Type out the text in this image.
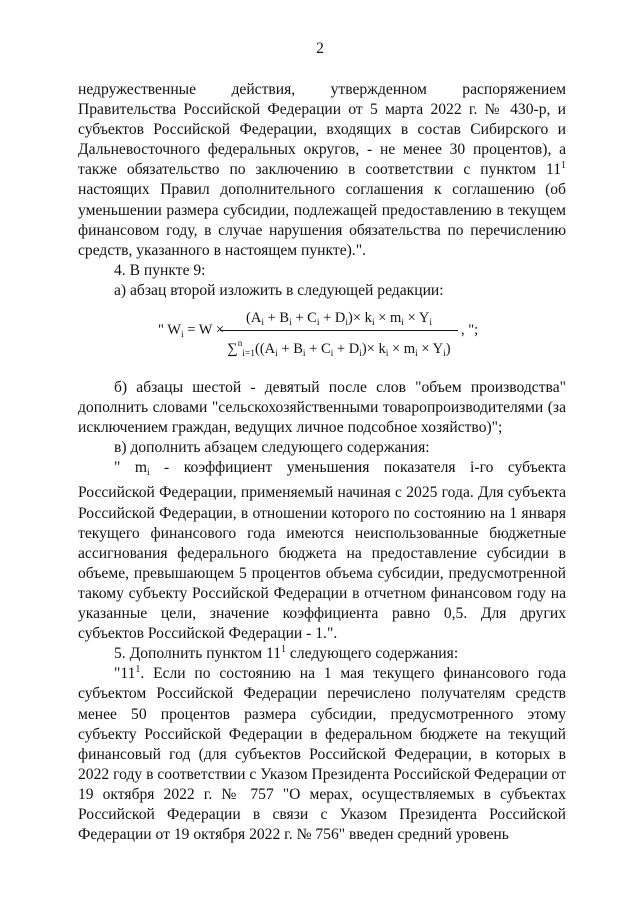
2

недружественные действия, утвержденном распоряжением Правительства Российской Федерации от 5 марта 2022 г. № 430-р, и субъектов Российской Федерации, входящих в состав Сибирского и Дальневосточного федеральных округов, - не менее 30 процентов), а также обязательство по заключению в соответствии с пунктом $11^1$ настоящих Правил дополнительного соглашения к соглашению (об уменьшении размера субсидии, подлежащей предоставлению в текущем финансовом году, в случае нарушения обязательства по перечислению средств, указанного в настоящем пункте).".

4. В пункте 9:

а) абзац второй изложить в следующей редакции:

" $W_i = W$ ×
$(A_i + B_i + C_i + D_i)\times k_i \times m_i \times Y_i$
$\sum^n_{i=1}((A_i + B_i + C_i + D_i)\times k_i \times m_i \times Y_i)$
, ";

б) абзацы шестой - девятый после слов "объем производства" дополнить словами "сельскохозяйственными товаропроизводителями (за исключением граждан, ведущих личное подсобное хозяйство)";

в) дополнить абзацем следующего содержания:

" $m_i$ - коэффициент уменьшения показателя i-го субъекта Российской Федерации, применяемый начиная с 2025 года. Для субъекта Российской Федерации, в отношении которого по состоянию на 1 января текущего финансового года имеются неиспользованные бюджетные ассигнования федерального бюджета на предоставление субсидии в объеме, превышающем 5 процентов объема субсидии, предусмотренной такому субъекту Российской Федерации в отчетном финансовом году на указанные цели, значение коэффициента равно 0,5. Для других субъектов Российской Федерации - 1.".

5. Дополнить пунктом $11^1$ следующего содержания:

"$11^1$. Если по состоянию на 1 мая текущего финансового года субъектом Российской Федерации перечислено получателям средств менее 50 процентов размера субсидии, предусмотренного этому субъекту Российской Федерации в федеральном бюджете на текущий финансовый год (для субъектов Российской Федерации, в которых в 2022 году в соответствии с Указом Президента Российской Федерации от 19 октября 2022 г. № 757 "О мерах, осуществляемых в субъектах Российской Федерации в связи с Указом Президента Российской Федерации от 19 октября 2022 г. № 756" введен средний уровень
